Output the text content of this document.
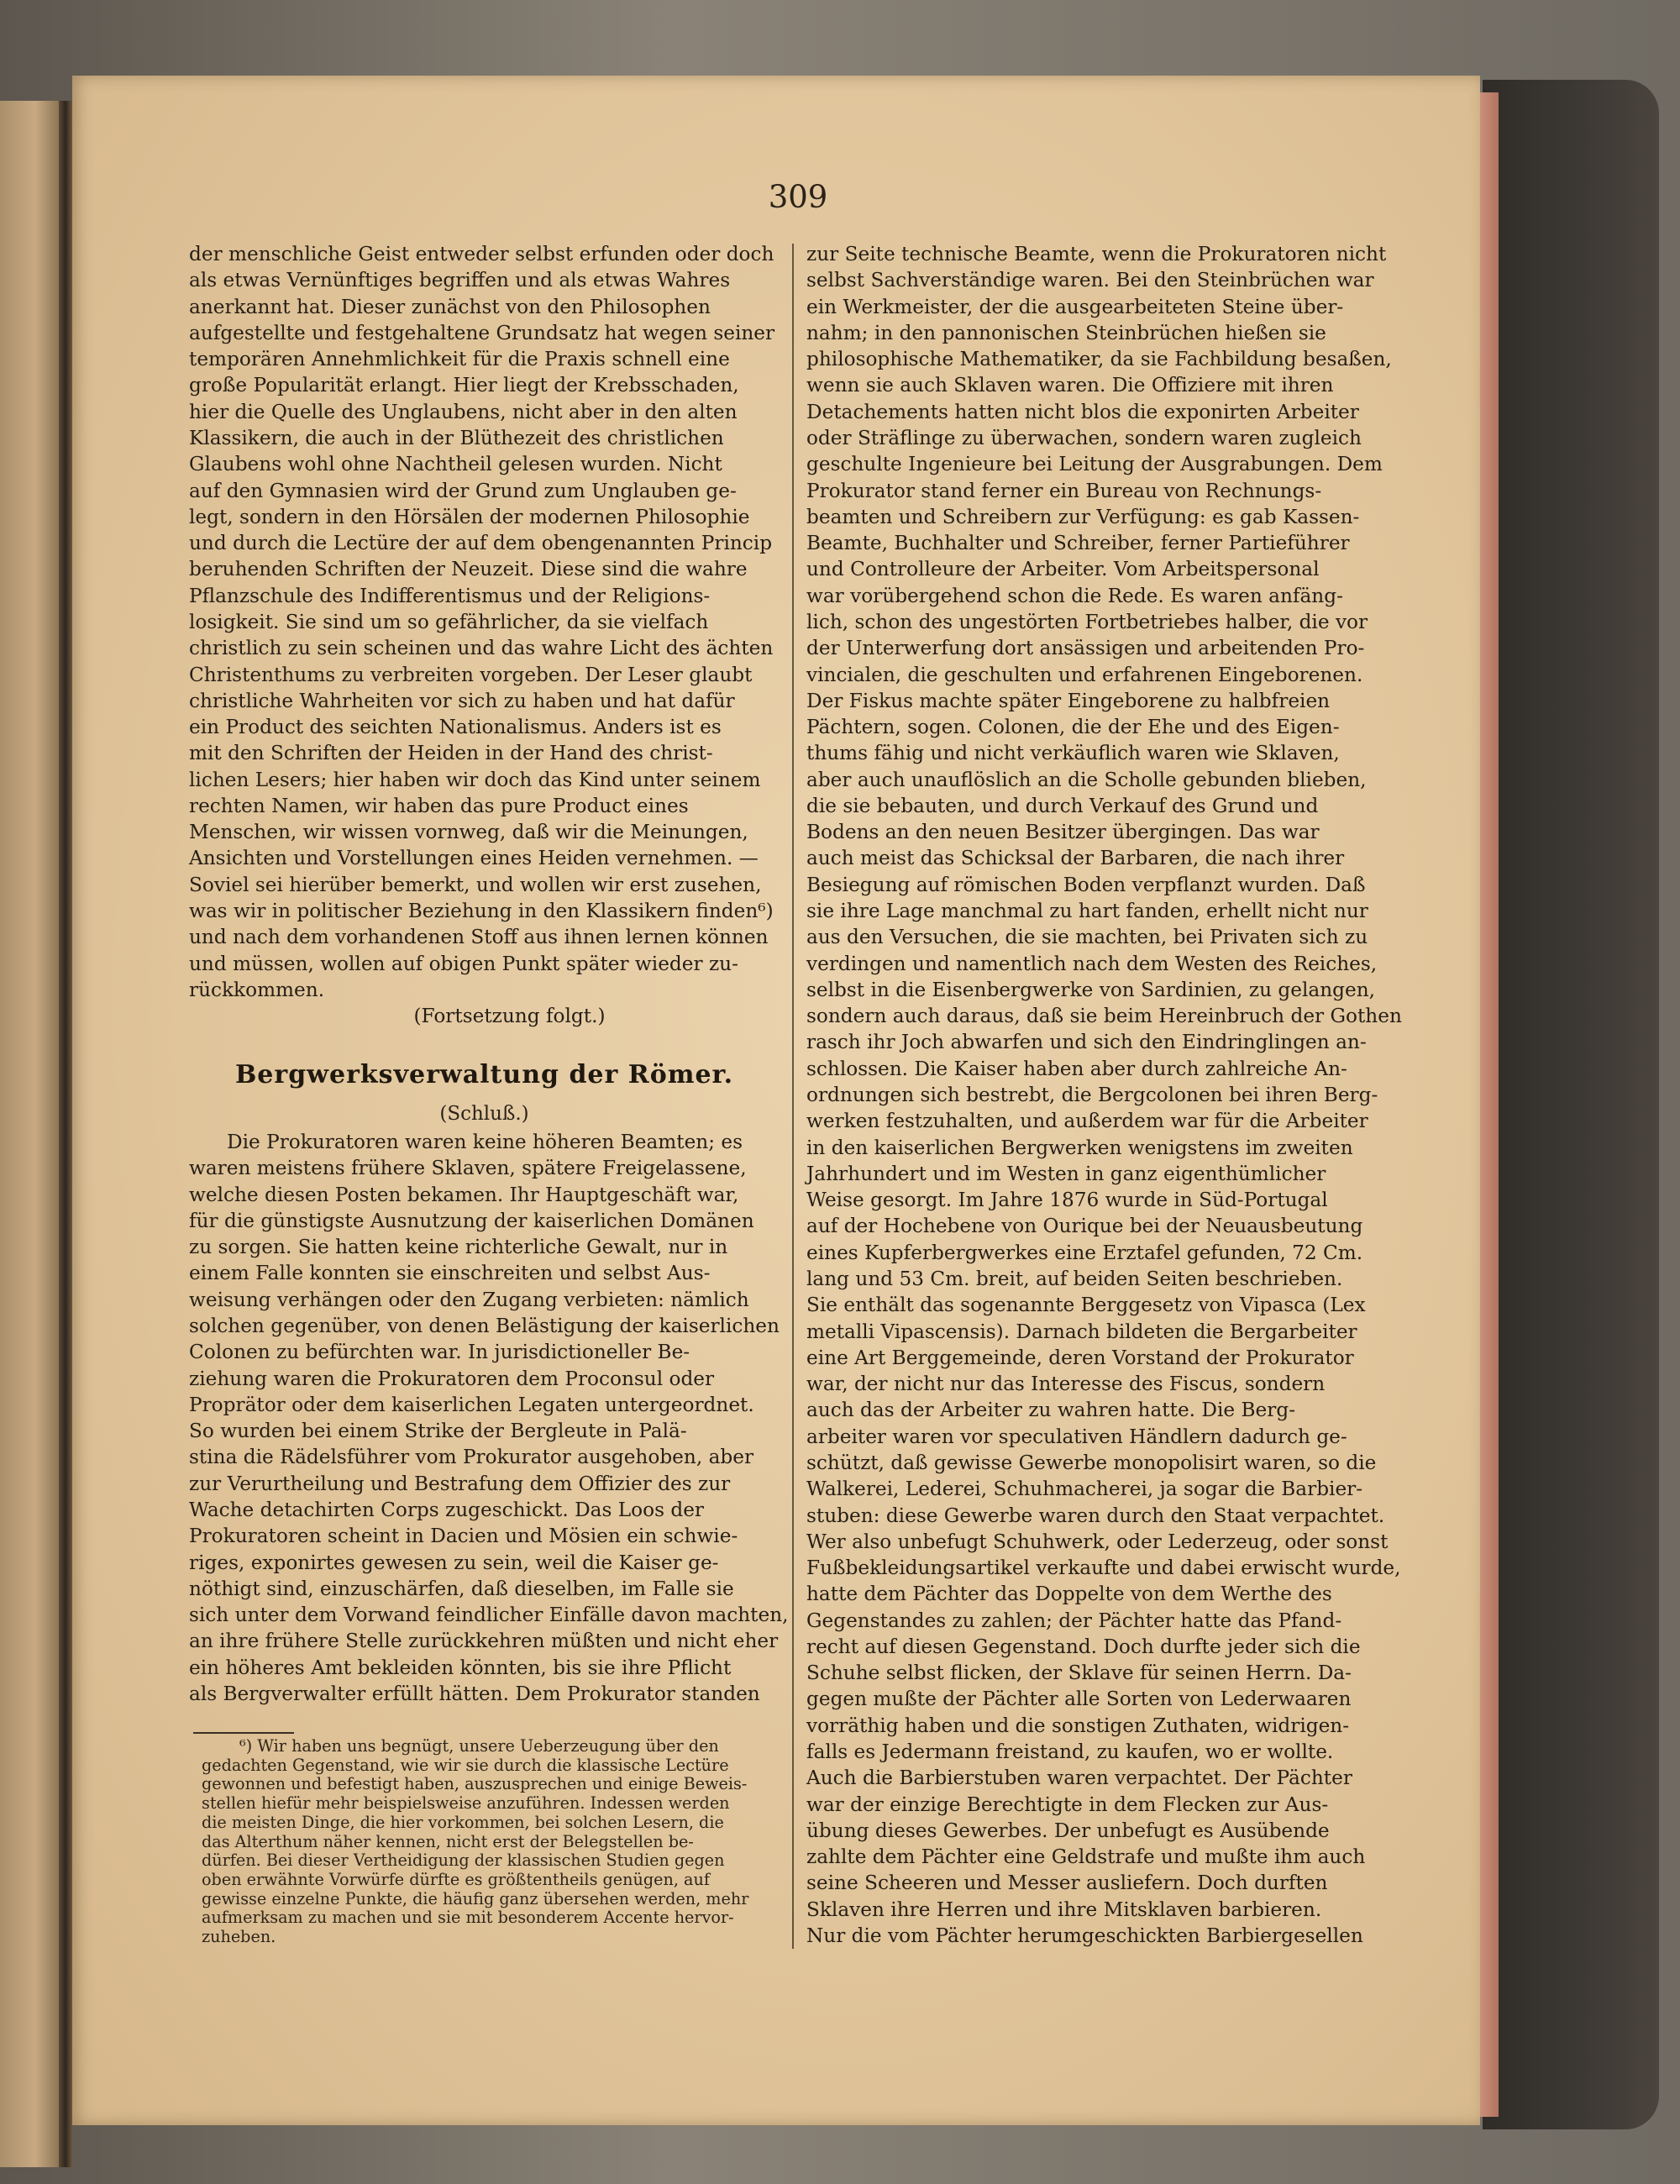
309
der menschliche Geist entweder selbst erfunden oder doch
als etwas Vernünftiges begriffen und als etwas Wahres
anerkannt hat. Dieser zunächst von den Philosophen
aufgestellte und festgehaltene Grundsatz hat wegen seiner
temporären Annehmlichkeit für die Praxis schnell eine
große Popularität erlangt. Hier liegt der Krebsschaden,
hier die Quelle des Unglaubens, nicht aber in den alten
Klassikern, die auch in der Blüthezeit des christlichen
Glaubens wohl ohne Nachtheil gelesen wurden. Nicht
auf den Gymnasien wird der Grund zum Unglauben ge-
legt, sondern in den Hörsälen der modernen Philosophie
und durch die Lectüre der auf dem obengenannten Princip
beruhenden Schriften der Neuzeit. Diese sind die wahre
Pflanzschule des Indifferentismus und der Religions-
losigkeit. Sie sind um so gefährlicher, da sie vielfach
christlich zu sein scheinen und das wahre Licht des ächten
Christenthums zu verbreiten vorgeben. Der Leser glaubt
christliche Wahrheiten vor sich zu haben und hat dafür
ein Product des seichten Nationalismus. Anders ist es
mit den Schriften der Heiden in der Hand des christ-
lichen Lesers; hier haben wir doch das Kind unter seinem
rechten Namen, wir haben das pure Product eines
Menschen, wir wissen vornweg, daß wir die Meinungen,
Ansichten und Vorstellungen eines Heiden vernehmen. —
Soviel sei hierüber bemerkt, und wollen wir erst zusehen,
was wir in politischer Beziehung in den Klassikern finden⁶)
und nach dem vorhandenen Stoff aus ihnen lernen können
und müssen, wollen auf obigen Punkt später wieder zu-
rückkommen.
(Fortsetzung folgt.)
zur Seite technische Beamte, wenn die Prokuratoren nicht
selbst Sachverständige waren. Bei den Steinbrüchen war
ein Werkmeister, der die ausgearbeiteten Steine über-
nahm; in den pannonischen Steinbrüchen hießen sie
philosophische Mathematiker, da sie Fachbildung besaßen,
wenn sie auch Sklaven waren. Die Offiziere mit ihren
Detachements hatten nicht blos die exponirten Arbeiter
oder Sträflinge zu überwachen, sondern waren zugleich
geschulte Ingenieure bei Leitung der Ausgrabungen. Dem
Prokurator stand ferner ein Bureau von Rechnungs-
beamten und Schreibern zur Verfügung: es gab Kassen-
Beamte, Buchhalter und Schreiber, ferner Partieführer
und Controlleure der Arbeiter. Vom Arbeitspersonal
war vorübergehend schon die Rede. Es waren anfäng-
lich, schon des ungestörten Fortbetriebes halber, die vor
der Unterwerfung dort ansässigen und arbeitenden Pro-
vincialen, die geschulten und erfahrenen Eingeborenen.
Der Fiskus machte später Eingeborene zu halbfreien
Pächtern, sogen. Colonen, die der Ehe und des Eigen-
thums fähig und nicht verkäuflich waren wie Sklaven,
aber auch unauflöslich an die Scholle gebunden blieben,
die sie bebauten, und durch Verkauf des Grund und
Bodens an den neuen Besitzer übergingen. Das war
auch meist das Schicksal der Barbaren, die nach ihrer
Besiegung auf römischen Boden verpflanzt wurden. Daß
sie ihre Lage manchmal zu hart fanden, erhellt nicht nur
aus den Versuchen, die sie machten, bei Privaten sich zu
verdingen und namentlich nach dem Westen des Reiches,
selbst in die Eisenbergwerke von Sardinien, zu gelangen,
sondern auch daraus, daß sie beim Hereinbruch der Gothen
rasch ihr Joch abwarfen und sich den Eindringlingen an-
schlossen. Die Kaiser haben aber durch zahlreiche An-
ordnungen sich bestrebt, die Bergcolonen bei ihren Berg-
werken festzuhalten, und außerdem war für die Arbeiter
in den kaiserlichen Bergwerken wenigstens im zweiten
Jahrhundert und im Westen in ganz eigenthümlicher
Weise gesorgt. Im Jahre 1876 wurde in Süd-Portugal
auf der Hochebene von Ourique bei der Neuausbeutung
eines Kupferbergwerkes eine Erztafel gefunden, 72 Cm.
lang und 53 Cm. breit, auf beiden Seiten beschrieben.
Sie enthält das sogenannte Berggesetz von Vipasca (Lex
metalli Vipascensis). Darnach bildeten die Bergarbeiter
eine Art Berggemeinde, deren Vorstand der Prokurator
war, der nicht nur das Interesse des Fiscus, sondern
auch das der Arbeiter zu wahren hatte. Die Berg-
arbeiter waren vor speculativen Händlern dadurch ge-
schützt, daß gewisse Gewerbe monopolisirt waren, so die
Walkerei, Lederei, Schuhmacherei, ja sogar die Barbier-
stuben: diese Gewerbe waren durch den Staat verpachtet.
Wer also unbefugt Schuhwerk, oder Lederzeug, oder sonst
Fußbekleidungsartikel verkaufte und dabei erwischt wurde,
hatte dem Pächter das Doppelte von dem Werthe des
Gegenstandes zu zahlen; der Pächter hatte das Pfand-
recht auf diesen Gegenstand. Doch durfte jeder sich die
Schuhe selbst flicken, der Sklave für seinen Herrn. Da-
gegen mußte der Pächter alle Sorten von Lederwaaren
vorräthig haben und die sonstigen Zuthaten, widrigen-
falls es Jedermann freistand, zu kaufen, wo er wollte.
Auch die Barbierstuben waren verpachtet. Der Pächter
war der einzige Berechtigte in dem Flecken zur Aus-
übung dieses Gewerbes. Der unbefugt es Ausübende
zahlte dem Pächter eine Geldstrafe und mußte ihm auch
seine Scheeren und Messer ausliefern. Doch durften
Sklaven ihre Herren und ihre Mitsklaven barbieren.
Nur die vom Pächter herumgeschickten Barbiergesellen
Bergwerksverwaltung der Römer.
(Schluß.)
Die Prokuratoren waren keine höheren Beamten; es
waren meistens frühere Sklaven, spätere Freigelassene,
welche diesen Posten bekamen. Ihr Hauptgeschäft war,
für die günstigste Ausnutzung der kaiserlichen Domänen
zu sorgen. Sie hatten keine richterliche Gewalt, nur in
einem Falle konnten sie einschreiten und selbst Aus-
weisung verhängen oder den Zugang verbieten: nämlich
solchen gegenüber, von denen Belästigung der kaiserlichen
Colonen zu befürchten war. In jurisdictioneller Be-
ziehung waren die Prokuratoren dem Proconsul oder
Proprätor oder dem kaiserlichen Legaten untergeordnet.
So wurden bei einem Strike der Bergleute in Palä-
stina die Rädelsführer vom Prokurator ausgehoben, aber
zur Verurtheilung und Bestrafung dem Offizier des zur
Wache detachirten Corps zugeschickt. Das Loos der
Prokuratoren scheint in Dacien und Mösien ein schwie-
riges, exponirtes gewesen zu sein, weil die Kaiser ge-
nöthigt sind, einzuschärfen, daß dieselben, im Falle sie
sich unter dem Vorwand feindlicher Einfälle davon machten,
an ihre frühere Stelle zurückkehren müßten und nicht eher
ein höheres Amt bekleiden könnten, bis sie ihre Pflicht
als Bergverwalter erfüllt hätten. Dem Prokurator standen
⁶) Wir haben uns begnügt, unsere Ueberzeugung über den
gedachten Gegenstand, wie wir sie durch die klassische Lectüre
gewonnen und befestigt haben, auszusprechen und einige Beweis-
stellen hiefür mehr beispielsweise anzuführen. Indessen werden
die meisten Dinge, die hier vorkommen, bei solchen Lesern, die
das Alterthum näher kennen, nicht erst der Belegstellen be-
dürfen. Bei dieser Vertheidigung der klassischen Studien gegen
oben erwähnte Vorwürfe dürfte es größtentheils genügen, auf
gewisse einzelne Punkte, die häufig ganz übersehen werden, mehr
aufmerksam zu machen und sie mit besonderem Accente hervor-
zuheben.
